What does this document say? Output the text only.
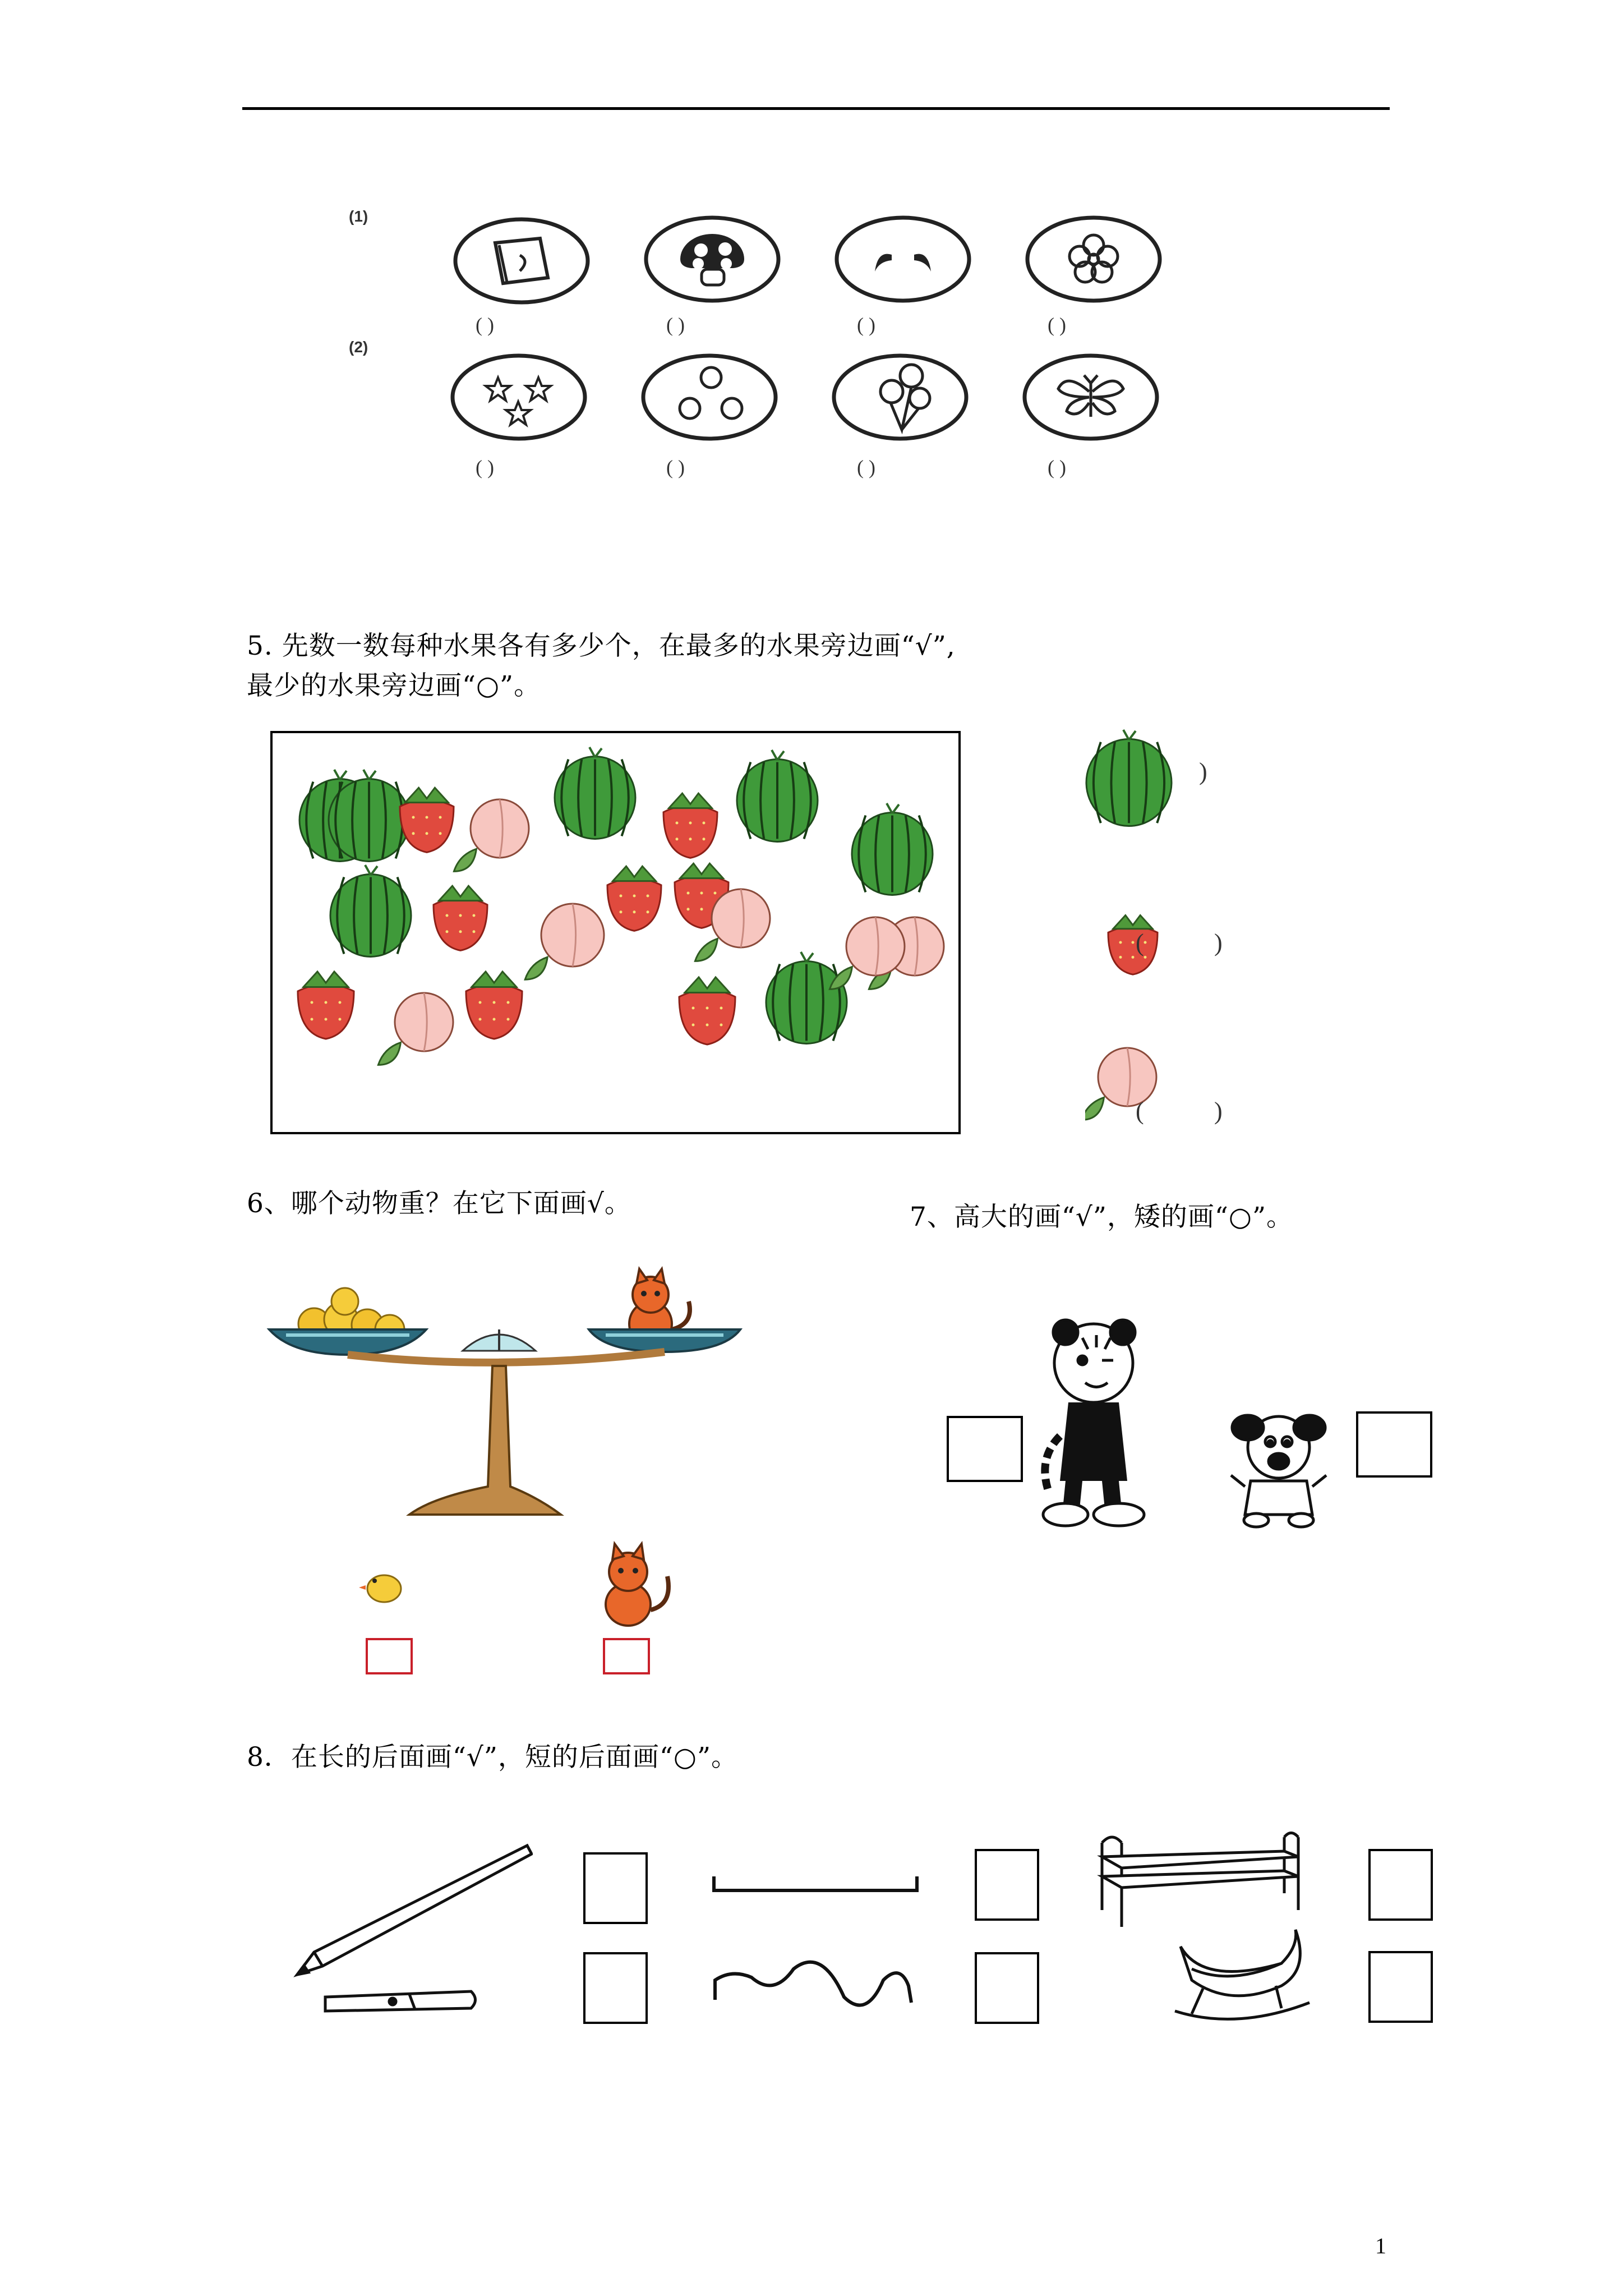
(1)
(2)
( )	( )	( )	( )
( )	( )	( )	( )
5. 先数一数每种水果各有多少个，在最多的水果旁边画“√”,
最少的水果旁边画“○”。
)
(	)
(	)
6、哪个动物重？在它下面画√。	7、高大的画“√”，矮的画“○”。
8．在长的后面画“√”，短的后面画“○”。
1
